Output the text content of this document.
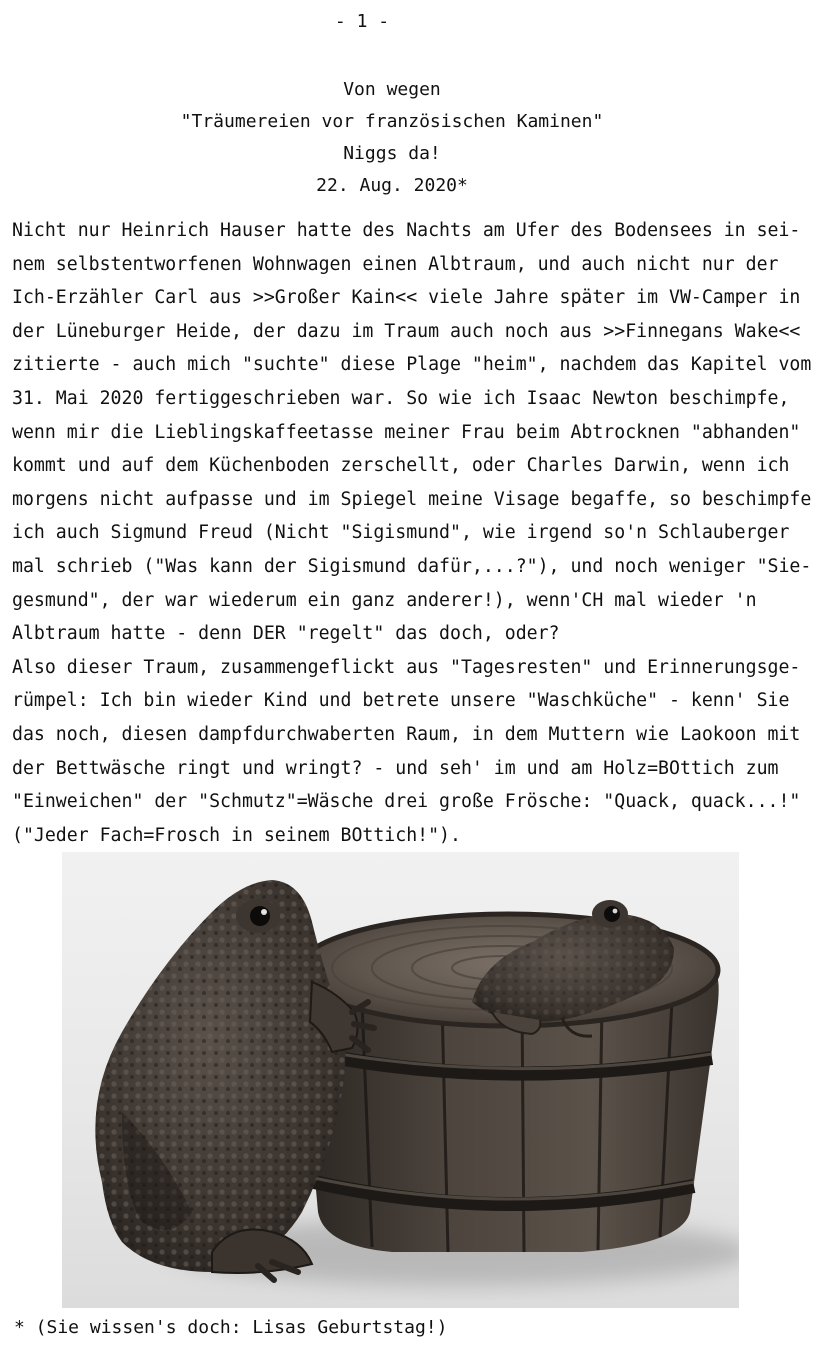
- 1 -
Von wegen
"Träumereien vor französischen Kaminen"
Niggs da!
22. Aug. 2020*
Nicht nur Heinrich Hauser hatte des Nachts am Ufer des Bodensees in sei-
nem selbstentworfenen Wohnwagen einen Albtraum, und auch nicht nur der
Ich-Erzähler Carl aus >>Großer Kain<< viele Jahre später im VW-Camper in
der Lüneburger Heide, der dazu im Traum auch noch aus >>Finnegans Wake<<
zitierte - auch mich "suchte" diese Plage "heim", nachdem das Kapitel vom
31. Mai 2020 fertiggeschrieben war. So wie ich Isaac Newton beschimpfe,
wenn mir die Lieblingskaffeetasse meiner Frau beim Abtrocknen "abhanden"
kommt und auf dem Küchenboden zerschellt, oder Charles Darwin, wenn ich
morgens nicht aufpasse und im Spiegel meine Visage begaffe, so beschimpfe
ich auch Sigmund Freud (Nicht "Sigismund", wie irgend so'n Schlauberger
mal schrieb ("Was kann der Sigismund dafür,...?"), und noch weniger "Sie-
gesmund", der war wiederum ein ganz anderer!), wenn'CH mal wieder 'n
Albtraum hatte - denn DER "regelt" das doch, oder?
Also dieser Traum, zusammengeflickt aus "Tagesresten" und Erinnerungsge-
rümpel: Ich bin wieder Kind und betrete unsere "Waschküche" - kenn' Sie
das noch, diesen dampfdurchwaberten Raum, in dem Muttern wie Laokoon mit
der Bettwäsche ringt und wringt? - und seh' im und am Holz=BOttich zum
"Einweichen" der "Schmutz"=Wäsche drei große Frösche: "Quack, quack...!"
("Jeder Fach=Frosch in seinem BOttich!").
* (Sie wissen's doch: Lisas Geburtstag!)
